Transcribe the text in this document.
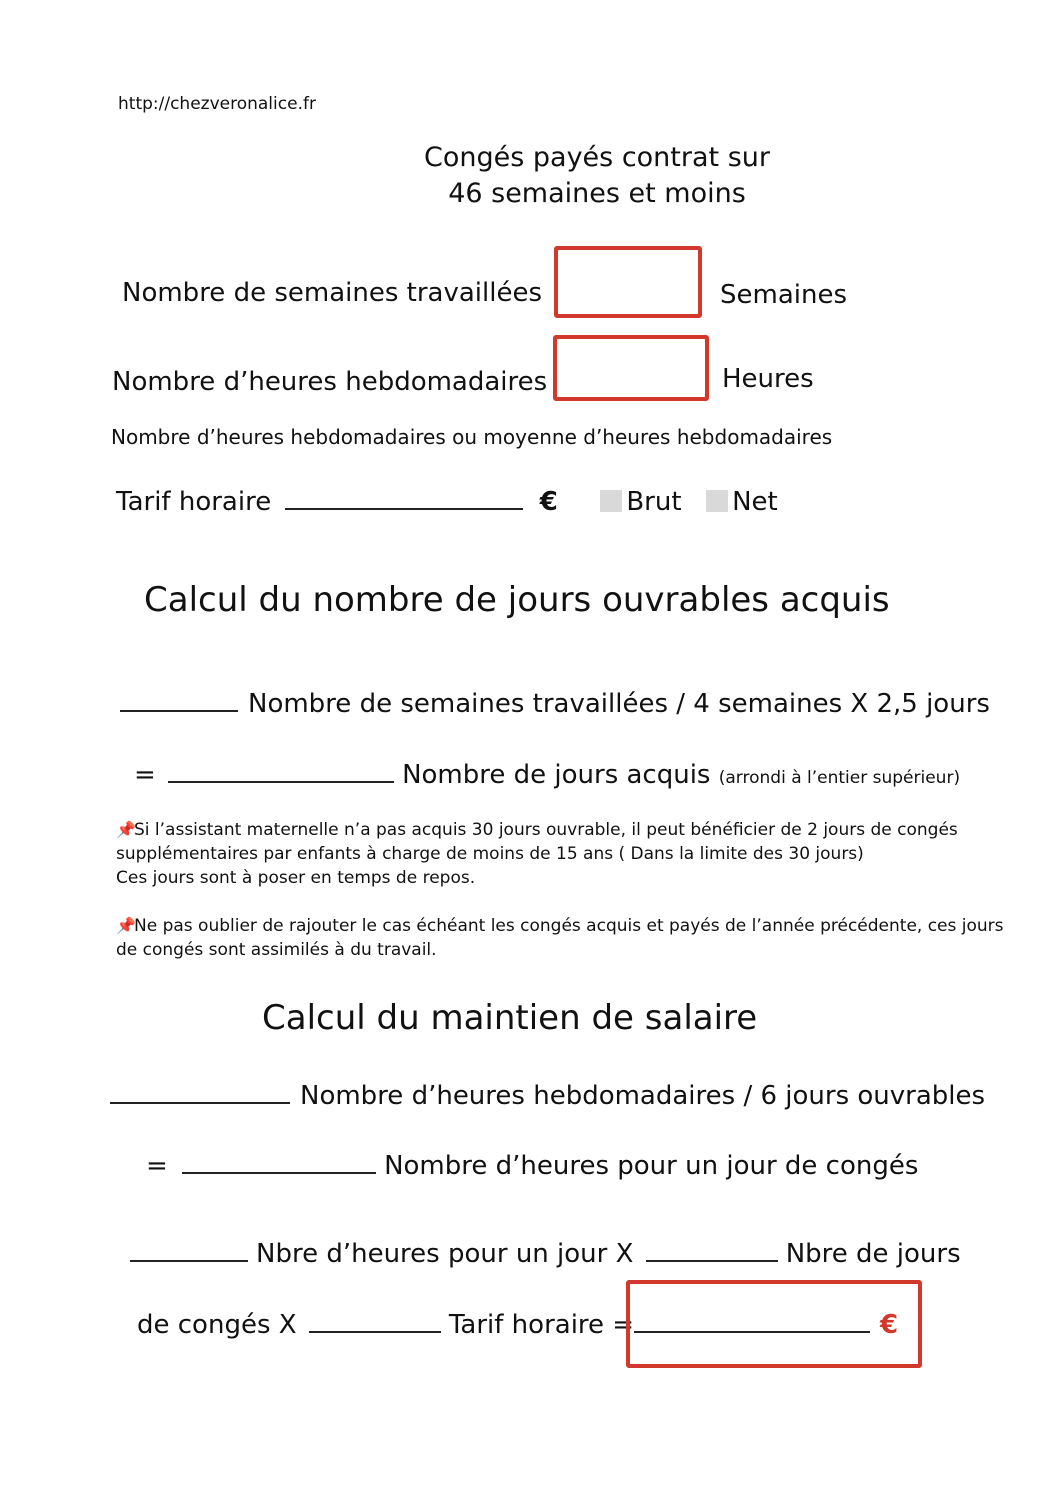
http://chezveronalice.fr
Congés payés contrat sur
46 semaines et moins
Nombre de semaines travaillées	Semaines
Nombre d’heures hebdomadaires	Heures
Nombre d’heures hebdomadaires ou moyenne d’heures hebdomadaires
Tarif horaire	€	Brut Net
Calcul du nombre de jours ouvrables acquis
Nombre de semaines travaillées / 4 semaines X 2,5 jours
=	Nombre de jours acquis (arrondi à l’entier supérieur)
📌Si l’assistant maternelle n’a pas acquis 30 jours ouvrable, il peut bénéficier de 2 jours de congés
supplémentaires par enfants à charge de moins de 15 ans ( Dans la limite des 30 jours)
Ces jours sont à poser en temps de repos.
📌Ne pas oublier de rajouter le cas échéant les congés acquis et payés de l’année précédente, ces jours
de congés sont assimilés à du travail.
Calcul du maintien de salaire
Nombre d’heures hebdomadaires / 6 jours ouvrables
=	Nombre d’heures pour un jour de congés
Nbre d’heures pour un jour X	Nbre de jours
de congés X	Tarif horaire =	€
